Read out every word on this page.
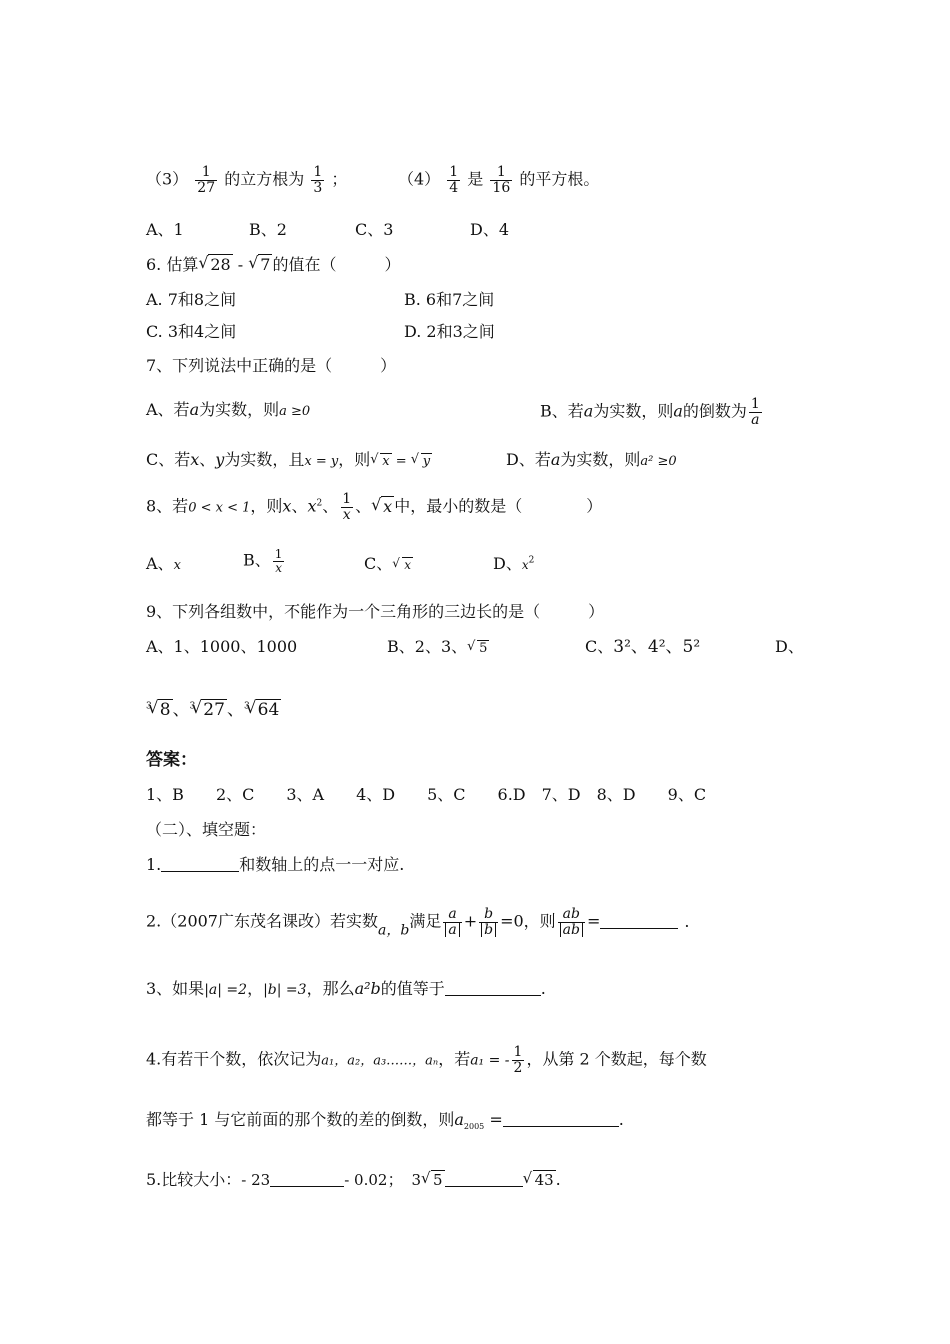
$(3) \frac{1}{27}$ 的立方根为 $\frac{1}{3}$ ；	$(4) \frac{1}{4}$ 是 $\frac{1}{16}$ 的平方根。
A、1	B、2	C、3	D、4
6. 估算 √ 28 - √ 7 的值在（　　　）
A. 7和8之间	B. 6和7之间
C. 3和4之间	D. 2和3之间
7、下列说法中正确的是（　　　）
A、若a为实数，则a ≥0	B、若a为实数，则a的倒数为 $\frac{1}{a}$
C、若x、y为实数，且x = y，则 √ x = √ y	D、若a为实数，则a² ≥0
8、若0 < x < 1，则x、$x^2$、 $\frac{1}{x}$ 、 √ x 中，最小的数是（　　　　）
A、x	B、 $\frac{1}{x}$	C、 √ x	D、$x^2$
9、下列各组数中，不能作为一个三角形的三边长的是（　　　）
A、1、1000、1000	B、2、3、 √ 5	C、3²、4²、5²	D、
$^3$ √ 8 、$^3$ √ 27 、$^3$ √ 64
答案：
1、B　　2、C　　3、A　　4、D　　5、C　　6.D　7、D　8、D　　9、C
（二）、填空题：
1.	和数轴上的点一一对应.
2.（2007广东茂名课改）若实数a，b满足 $\frac{a}{a} + \frac{b}{b} =0$，则 $\frac{ab}{ab}$ =	.
3、如果|a| =2，|b| =3，那么a²b的值等于	.
4.有若干个数，依次记为a₁，a₂，a₃……，aₙ，若a₁ = - $\frac{1}{2}$ ，从第 2 个数起，每个数
都等于 1 与它前面的那个数的差的倒数，则$a_{2005}$ =	.
5.比较大小：- 23	- 0.02； 3 √ 5	√ 43 .
